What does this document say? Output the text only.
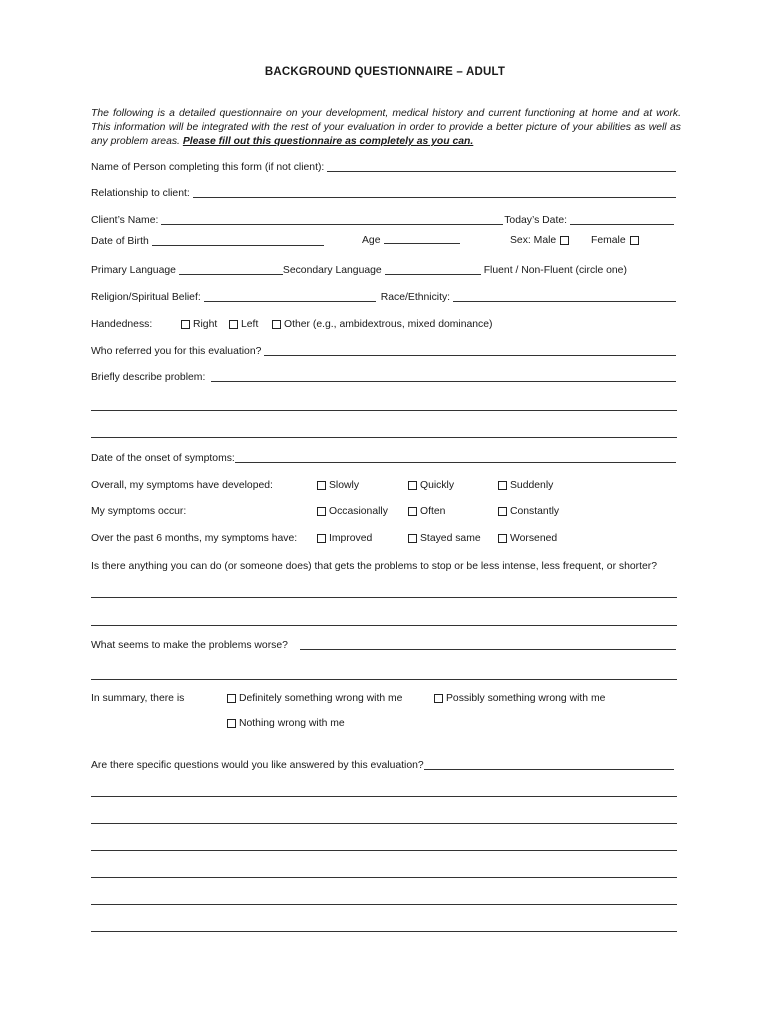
BACKGROUND QUESTIONNAIRE – ADULT
The following is a detailed questionnaire on your development, medical history and current functioning at home and at work. This information will be integrated with the rest of your evaluation in order to provide a better picture of your abilities as well as any problem areas. Please fill out this questionnaire as completely as you can.
Name of Person completing this form (if not client):
Relationship to client:
Client’s Name:	Today’s Date:
Date of Birth	Age	Sex: Male	Female
Primary Language	Secondary Language	Fluent / Non-Fluent (circle one)
Religion/Spiritual Belief:	Race/Ethnicity:
Handedness:	Right Left Other (e.g., ambidextrous, mixed dominance)
Who referred you for this evaluation?
Briefly describe problem:
Date of the onset of symptoms:
Overall, my symptoms have developed:	Slowly	Quickly	Suddenly
My symptoms occur:	Occasionally	Often	Constantly
Over the past 6 months, my symptoms have:	Improved	Stayed same	Worsened
Is there anything you can do (or someone does) that gets the problems to stop or be less intense, less frequent, or shorter?
What seems to make the problems worse?
In summary, there is	Definitely something wrong with me	Possibly something wrong with me
Nothing wrong with me
Are there specific questions would you like answered by this evaluation?
